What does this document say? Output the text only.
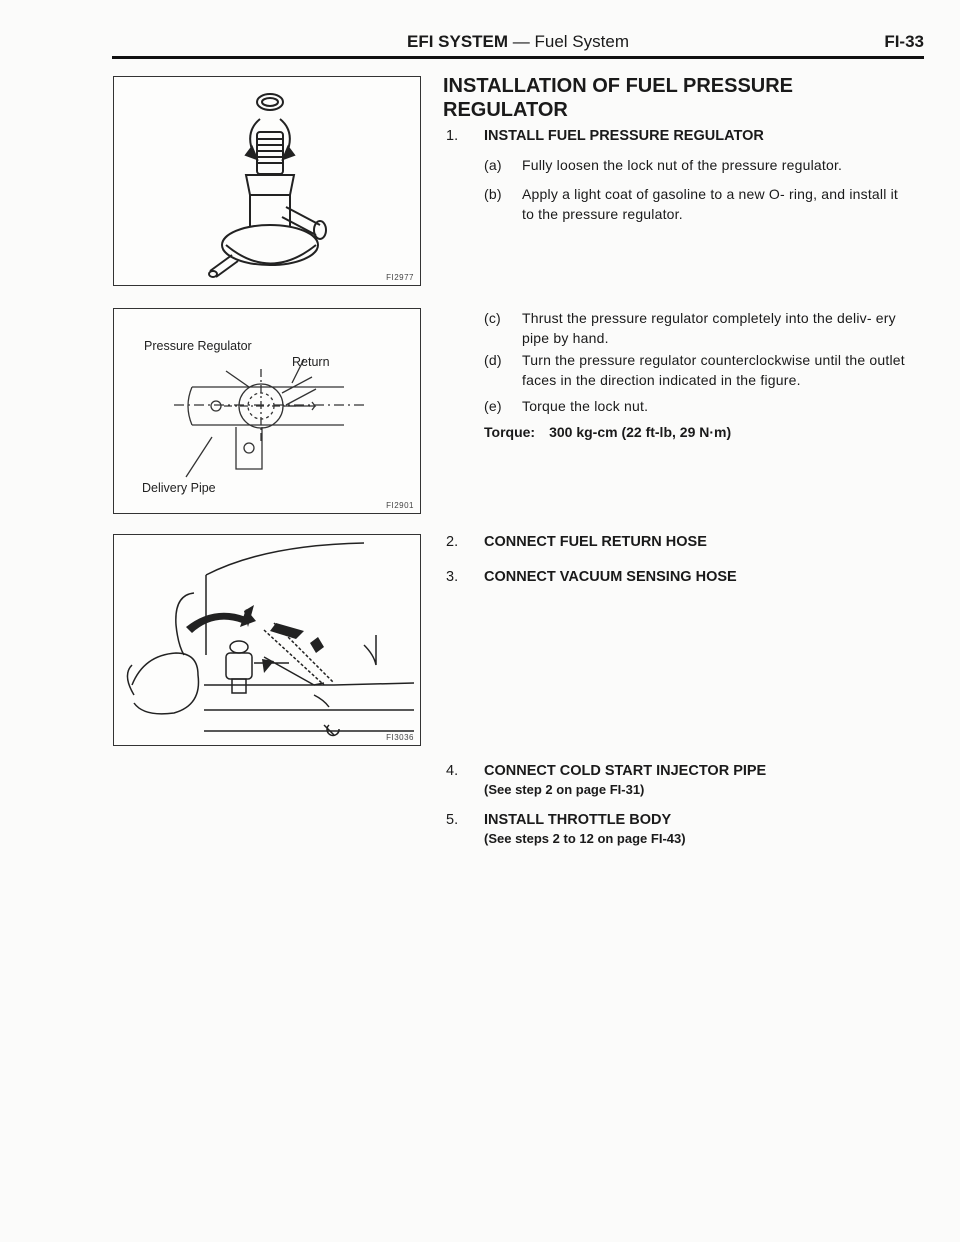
EFI SYSTEM — Fuel System	FI-33
FI2977
Pressure Regulator
Return
Delivery Pipe
FI2901
FI3036
INSTALLATION OF FUEL PRESSURE
REGULATOR
1. INSTALL FUEL PRESSURE REGULATOR
(a) Fully loosen the lock nut of the pressure regulator.
(b) Apply a light coat of gasoline to a new O- ring, and install it to the pressure regulator.
(c) Thrust the pressure regulator completely into the deliv- ery pipe by hand.
(d) Turn the pressure regulator counterclockwise until the outlet faces in the direction indicated in the figure.
(e) Torque the lock nut.
Torque: 300 kg-cm (22 ft-lb, 29 N·m)
2. CONNECT FUEL RETURN HOSE
3. CONNECT VACUUM SENSING HOSE
4. CONNECT COLD START INJECTOR PIPE
(See step 2 on page FI-31)
5. INSTALL THROTTLE BODY
(See steps 2 to 12 on page FI-43)
